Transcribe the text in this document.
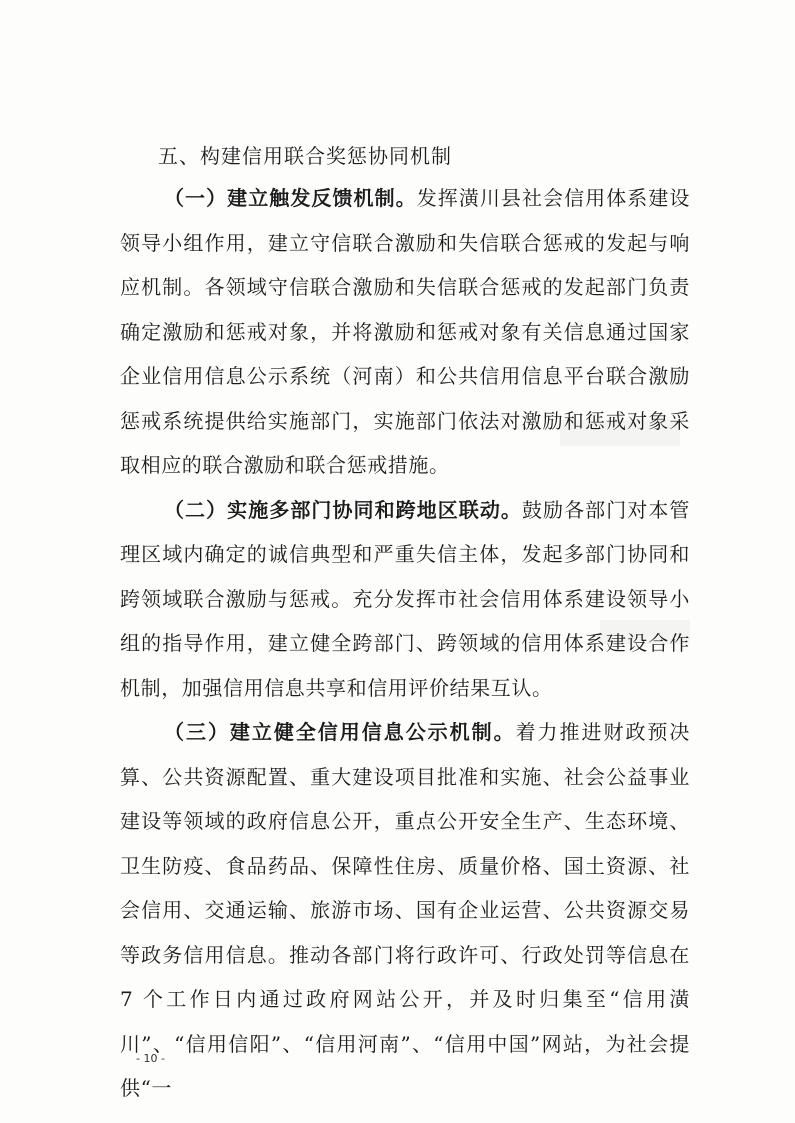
五、构建信用联合奖惩协同机制

（一）建立触发反馈机制。发挥潢川县社会信用体系建设领导小组作用，建立守信联合激励和失信联合惩戒的发起与响应机制。各领域守信联合激励和失信联合惩戒的发起部门负责确定激励和惩戒对象，并将激励和惩戒对象有关信息通过国家企业信用信息公示系统（河南）和公共信用信息平台联合激励惩戒系统提供给实施部门，实施部门依法对激励和惩戒对象采取相应的联合激励和联合惩戒措施。

（二）实施多部门协同和跨地区联动。鼓励各部门对本管理区域内确定的诚信典型和严重失信主体，发起多部门协同和跨领域联合激励与惩戒。充分发挥市社会信用体系建设领导小组的指导作用，建立健全跨部门、跨领域的信用体系建设合作机制，加强信用信息共享和信用评价结果互认。

（三）建立健全信用信息公示机制。着力推进财政预决算、公共资源配置、重大建设项目批准和实施、社会公益事业建设等领域的政府信息公开，重点公开安全生产、生态环境、卫生防疫、食品药品、保障性住房、质量价格、国土资源、社会信用、交通运输、旅游市场、国有企业运营、公共资源交易等政务信用信息。推动各部门将行政许可、行政处罚等信息在 7 个工作日内通过政府网站公开，并及时归集至“信用潢川”、“信用信阳”、“信用河南”、“信用中国”网站，为社会提供“一

- 10 -
